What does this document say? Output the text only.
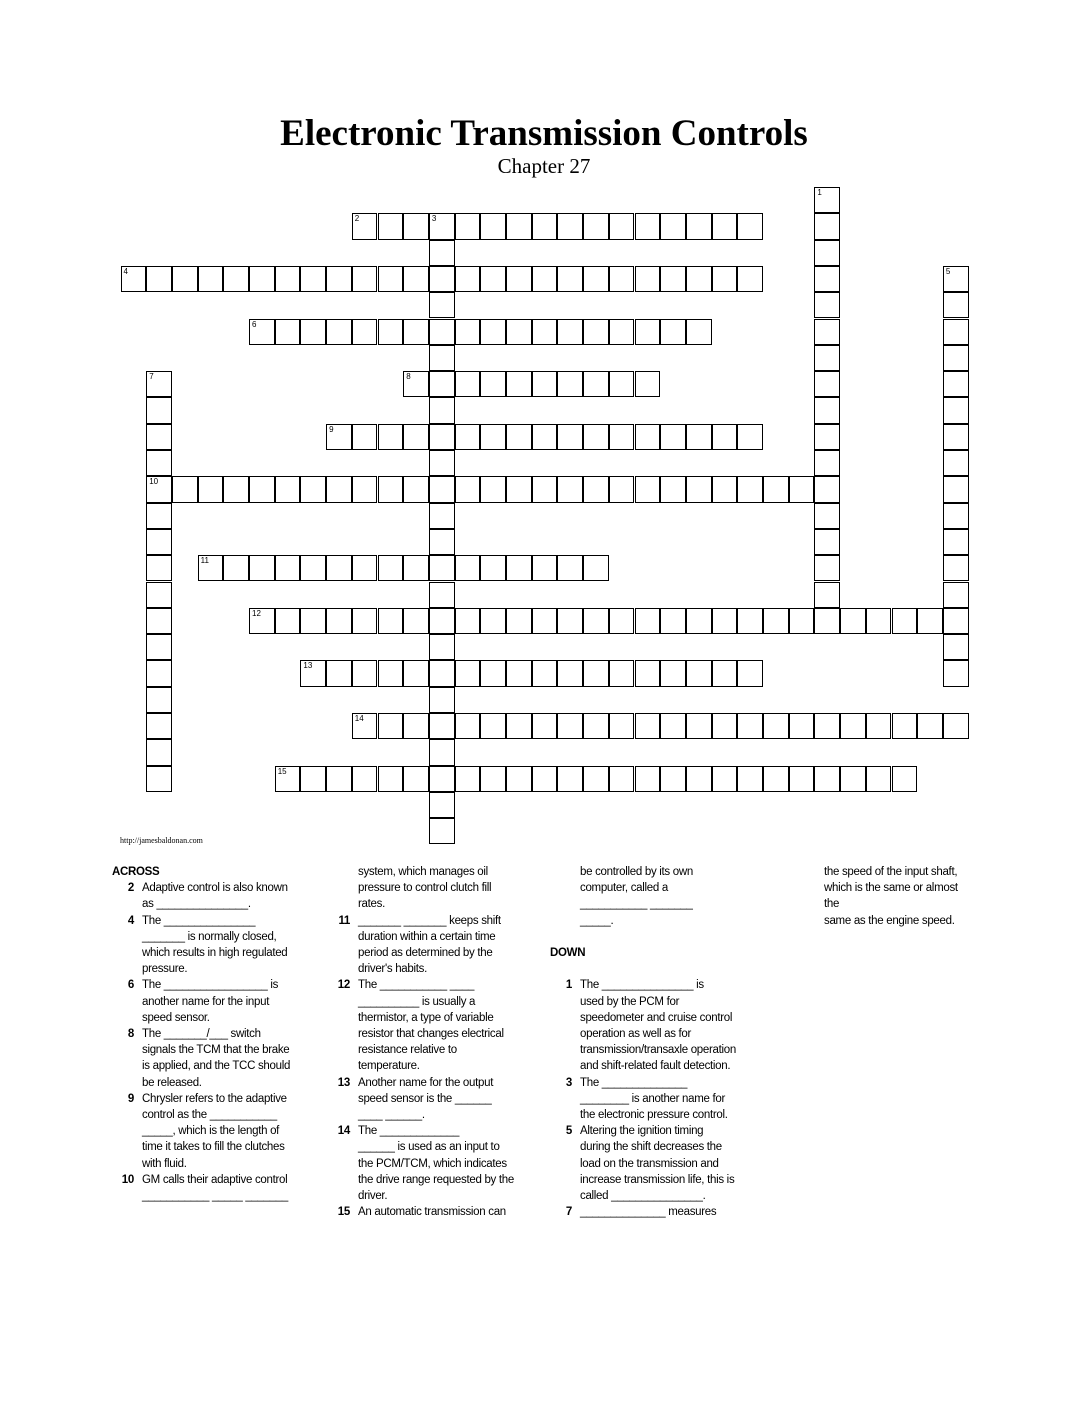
Electronic Transmission Controls
Chapter 27
1
2	3
4	5
6
7
10
8
9
11
12
13
14
15
http://jamesbaldonan.com
ACROSS
2 Adaptive control is also known
as _______________.
4 The _______________
_______ is normally closed,
which results in high regulated
pressure.
6 The _________________ is
another name for the input
speed sensor.
8 The _______/___ switch
signals the TCM that the brake
is applied, and the TCC should
be released.
9 Chrysler refers to the adaptive
control as the ___________
_____, which is the length of
time it takes to fill the clutches
with fluid.
10 GM calls their adaptive control
___________ _____ _______
system, which manages oil
pressure to control clutch fill
rates.
11 _______ _______ keeps shift
duration within a certain time
period as determined by the
driver's habits.
12 The ___________ ____
__________ is usually a
thermistor, a type of variable
resistor that changes electrical
resistance relative to
temperature.
13 Another name for the output
speed sensor is the ______
____ ______.
14 The _____________
______ is used as an input to
the PCM/TCM, which indicates
the drive range requested by the
driver.
15 An automatic transmission can
be controlled by its own
computer, called a
___________ _______
_____.
DOWN
1 The _______________ is
used by the PCM for
speedometer and cruise control
operation as well as for
transmission/transaxle operation
and shift-related fault detection.
3 The ______________
________ is another name for
the electronic pressure control.
5 Altering the ignition timing
during the shift decreases the
load on the transmission and
increase transmission life, this is
called _______________.
7 ______________ measures
the speed of the input shaft,
which is the same or almost the
same as the engine speed.
